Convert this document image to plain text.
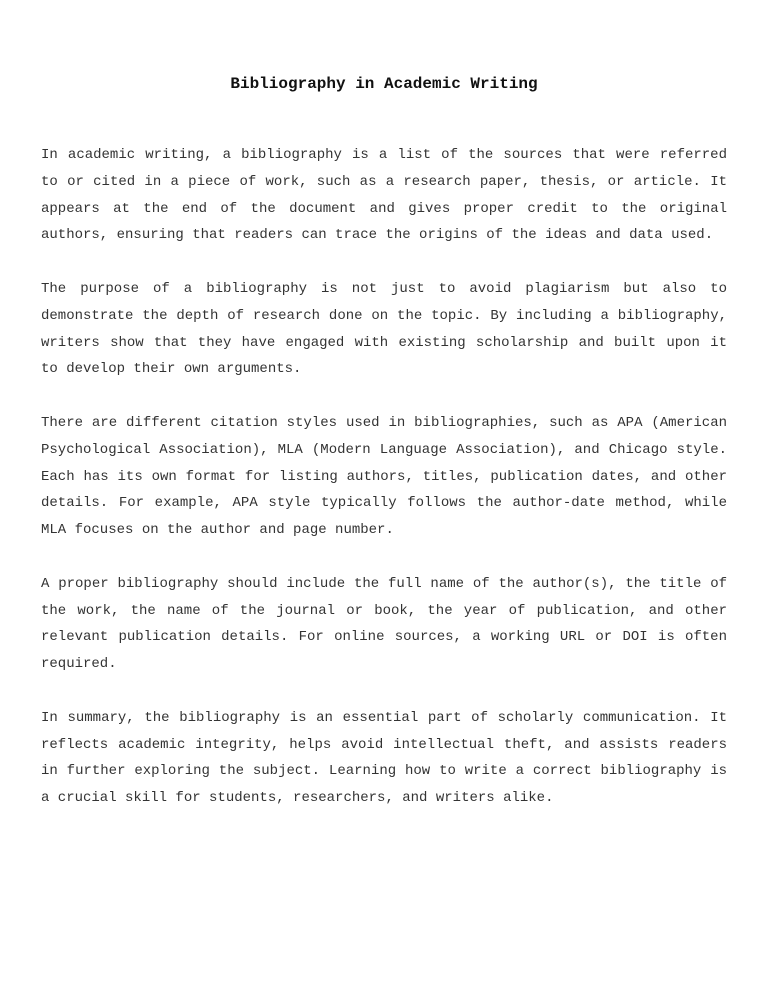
Bibliography in Academic Writing

In academic writing, a bibliography is a list of the sources that were referred to or cited in a piece of work, such as a research paper, thesis, or article. It appears at the end of the document and gives proper credit to the original authors, ensuring that readers can trace the origins of the ideas and data used.

The purpose of a bibliography is not just to avoid plagiarism but also to demonstrate the depth of research done on the topic. By including a bibliography, writers show that they have engaged with existing scholarship and built upon it to develop their own arguments.

There are different citation styles used in bibliographies, such as APA (American Psychological Association), MLA (Modern Language Association), and Chicago style. Each has its own format for listing authors, titles, publication dates, and other details. For example, APA style typically follows the author-date method, while MLA focuses on the author and page number.

A proper bibliography should include the full name of the author(s), the title of the work, the name of the journal or book, the year of publication, and other relevant publication details. For online sources, a working URL or DOI is often required.

In summary, the bibliography is an essential part of scholarly communication. It reflects academic integrity, helps avoid intellectual theft, and assists readers in further exploring the subject. Learning how to write a correct bibliography is a crucial skill for students, researchers, and writers alike.
